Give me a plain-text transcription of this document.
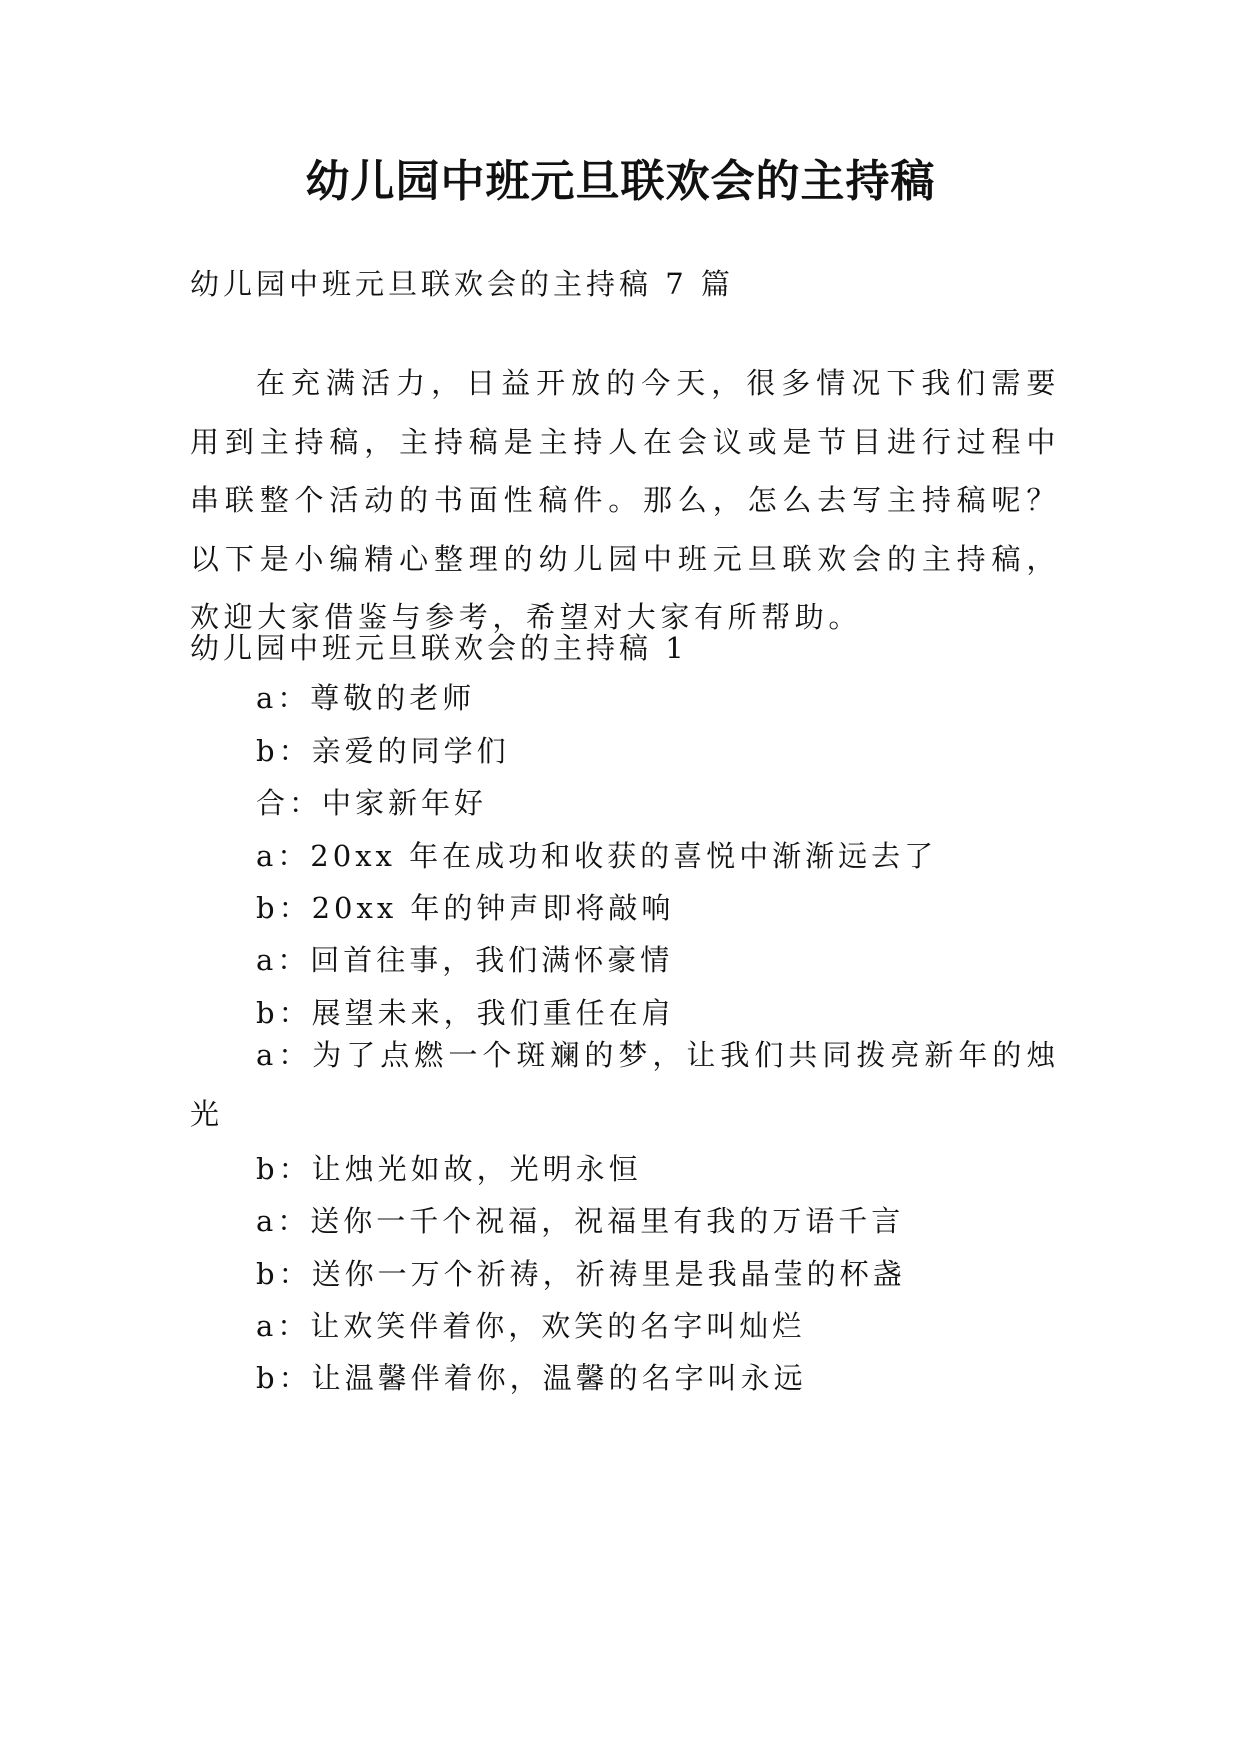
幼儿园中班元旦联欢会的主持稿

幼儿园中班元旦联欢会的主持稿 7 篇

在充满活力，日益开放的今天，很多情况下我们需要用到主持稿，主持稿是主持人在会议或是节目进行过程中串联整个活动的书面性稿件。那么，怎么去写主持稿呢？以下是小编精心整理的幼儿园中班元旦联欢会的主持稿，欢迎大家借鉴与参考，希望对大家有所帮助。

幼儿园中班元旦联欢会的主持稿 1

a：尊敬的老师

b：亲爱的同学们

合：中家新年好

a：20xx 年在成功和收获的喜悦中渐渐远去了

b：20xx 年的钟声即将敲响

a：回首往事，我们满怀豪情

b：展望未来，我们重任在肩

a：为了点燃一个斑斓的梦，让我们共同拨亮新年的烛光

b：让烛光如故，光明永恒

a：送你一千个祝福，祝福里有我的万语千言

b：送你一万个祈祷，祈祷里是我晶莹的杯盏

a：让欢笑伴着你，欢笑的名字叫灿烂

b：让温馨伴着你，温馨的名字叫永远
